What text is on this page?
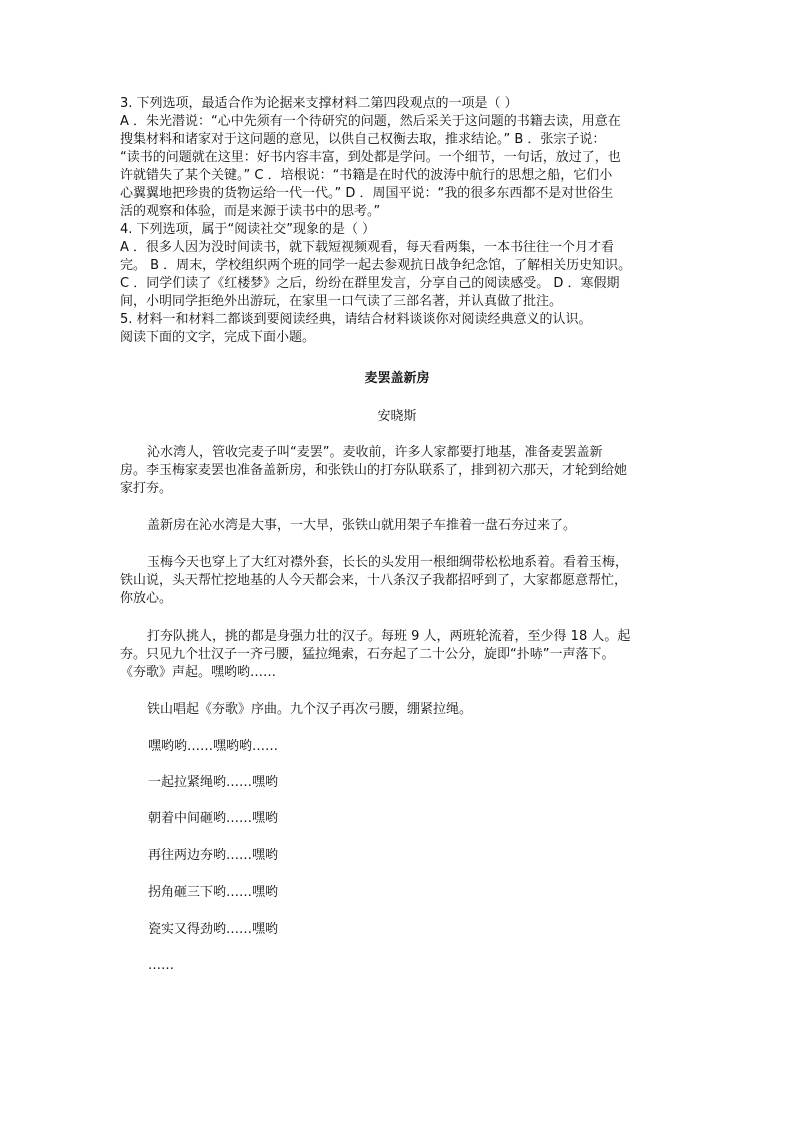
3. 下列选项，最适合作为论据来支撑材料二第四段观点的一项是（ ）
A ．朱光潜说：“心中先须有一个待研究的问题，然后采关于这问题的书籍去读，用意在
搜集材料和诸家对于这问题的意见，以供自己权衡去取，推求结论。” B ．张宗子说：
“读书的问题就在这里：好书内容丰富，到处都是学问。一个细节，一句话，放过了，也
许就错失了某个关键。” C ．培根说：“书籍是在时代的波涛中航行的思想之船，它们小
心翼翼地把珍贵的货物运给一代一代。” D ．周国平说：“我的很多东西都不是对世俗生
活的观察和体验，而是来源于读书中的思考。”
4. 下列选项，属于“阅读社交”现象的是（ ）
A ．很多人因为没时间读书，就下载短视频观看，每天看两集，一本书往往一个月才看
完。 B ．周末，学校组织两个班的同学一起去参观抗日战争纪念馆，了解相关历史知识。
C ．同学们读了《红楼梦》之后，纷纷在群里发言，分享自己的阅读感受。 D ．寒假期
间，小明同学拒绝外出游玩，在家里一口气读了三部名著，并认真做了批注。
5. 材料一和材料二都谈到要阅读经典，请结合材料谈谈你对阅读经典意义的认识。
阅读下面的文字，完成下面小题。
麦罢盖新房
安晓斯
沁水湾人，管收完麦子叫“麦罢”。麦收前，许多人家都要打地基，准备麦罢盖新
房。李玉梅家麦罢也准备盖新房，和张铁山的打夯队联系了，排到初六那天，才轮到给她
家打夯。
盖新房在沁水湾是大事，一大早，张铁山就用架子车推着一盘石夯过来了。
玉梅今天也穿上了大红对襟外套，长长的头发用一根细绸带松松地系着。看着玉梅，
铁山说，头天帮忙挖地基的人今天都会来，十八条汉子我都招呼到了，大家都愿意帮忙，
你放心。
打夯队挑人，挑的都是身强力壮的汉子。每班 9 人，两班轮流着，至少得 18 人。起
夯。只见九个壮汉子一齐弓腰，猛拉绳索，石夯起了二十公分，旋即“扑哧”一声落下。
《夯歌》声起。嘿哟哟……
铁山唱起《夯歌》序曲。九个汉子再次弓腰，绷紧拉绳。
嘿哟哟……嘿哟哟……
一起拉紧绳哟……嘿哟
朝着中间砸哟……嘿哟
再往两边夯哟……嘿哟
拐角砸三下哟……嘿哟
瓷实又得劲哟……嘿哟
……
